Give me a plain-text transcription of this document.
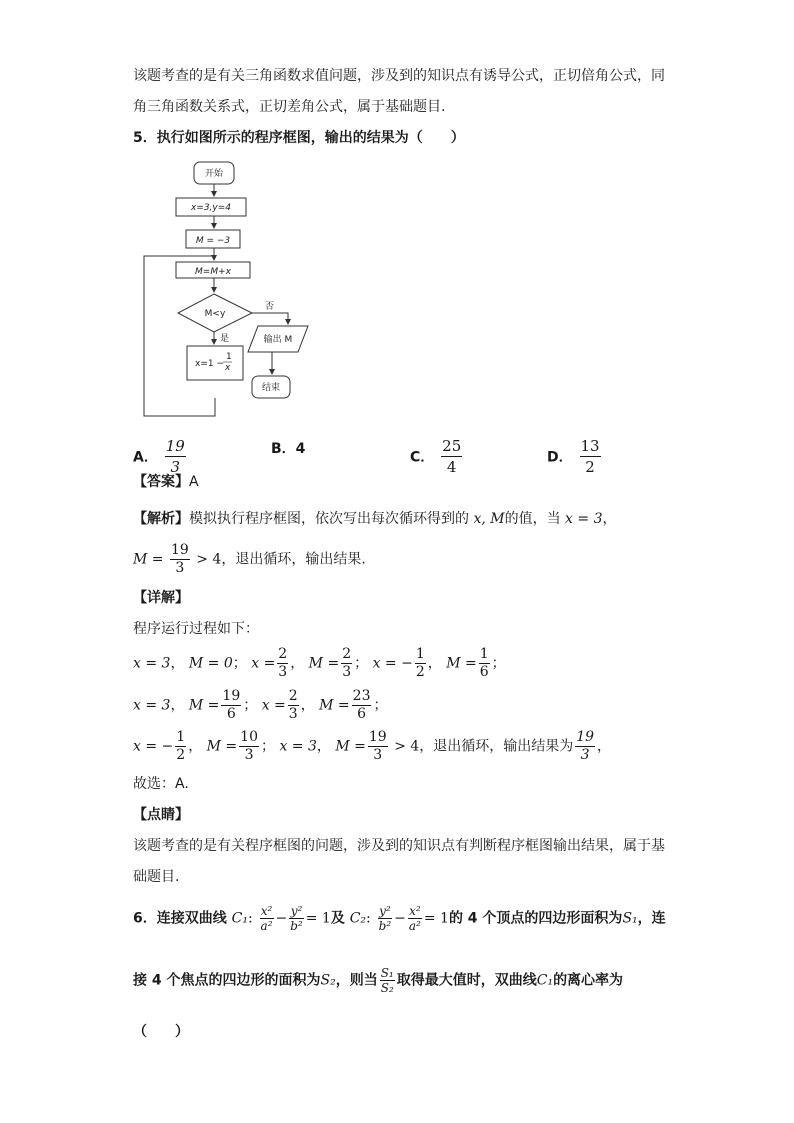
该题考查的是有关三角函数求值问题，涉及到的知识点有诱导公式，正切倍角公式，同
角三角函数关系式，正切差角公式，属于基础题目.
5．执行如图所示的程序框图，输出的结果为（　　）
开始
x=3,y=4
M = −3
M=M+x
M<y
否
是
x=1 −
1
x
输出 M
结束
A． $\frac{19}{3}$	B．4
C． $\frac{25}{4}$	D． $\frac{13}{2}$
【答案】A
【解析】模拟执行程序框图，依次写出每次循环得到的 x, M的值，当 x = 3，
$M = \frac{19}{3} > 4$，退出循环，输出结果.
【详解】
程序运行过程如下：
x = 3， M = 0； $x = \frac{2}{3}$ ， $M = \frac{2}{3}$ ； x = − $\frac{1}{2}$ ， $M = \frac{1}{6}$ ；
x = 3， $M = \frac{19}{6}$ ； $x = \frac{2}{3}$ ， $M = \frac{23}{6}$ ；
x = − $\frac{1}{2}$ ， $M = \frac{10}{3}$ ； x = 3， $M = \frac{19}{3} > 4$，退出循环，输出结果为 $\frac{19}{3}$ ，
故选：A.
【点睛】
该题考查的是有关程序框图的问题，涉及到的知识点有判断程序框图输出结果，属于基
础题目.
6．连接双曲线 C₁: $\frac{\text{x²}}{\text{a²}} - \frac{\text{y²}}{\text{b²}} = 1$及 C₂: $\frac{\text{y²}}{\text{b²}} - \frac{\text{x²}}{\text{a²}} = 1$的 4 个顶点的四边形面积为S₁，连
接 4 个焦点的四边形的面积为S₂，则当 $\frac{\text{S₁}}{\text{S₂}}$ 取得最大值时，双曲线C₁的离心率为
（　　）
